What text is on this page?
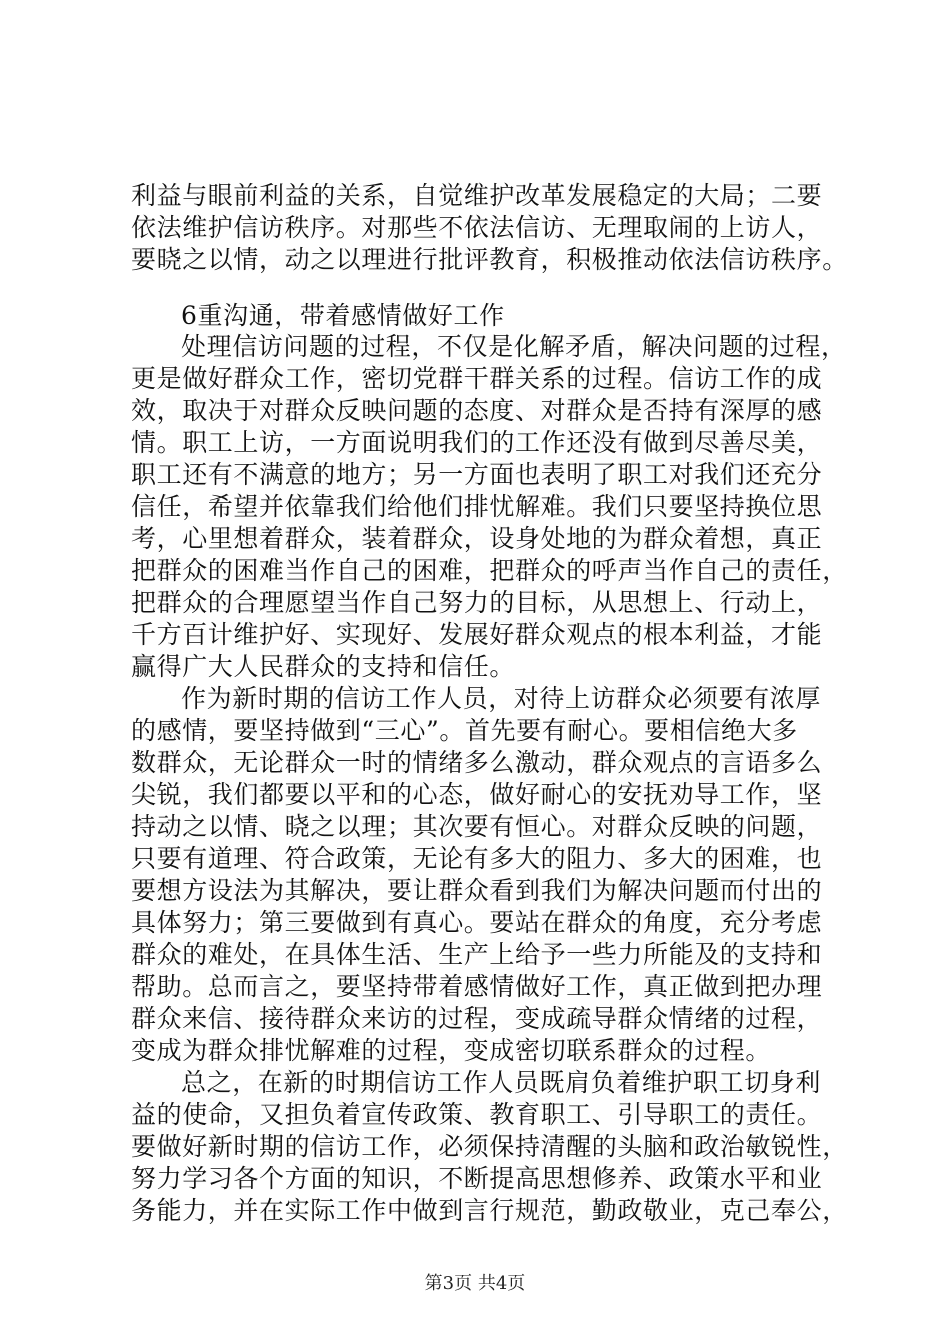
利益与眼前利益的关系，自觉维护改革发展稳定的大局；二要
依法维护信访秩序。对那些不依法信访、无理取闹的上访人，
要晓之以情，动之以理进行批评教育，积极推动依法信访秩序。
6重沟通，带着感情做好工作
处理信访问题的过程，不仅是化解矛盾，解决问题的过程，
更是做好群众工作，密切党群干群关系的过程。信访工作的成
效，取决于对群众反映问题的态度、对群众是否持有深厚的感
情。职工上访，一方面说明我们的工作还没有做到尽善尽美，
职工还有不满意的地方；另一方面也表明了职工对我们还充分
信任，希望并依靠我们给他们排忧解难。我们只要坚持换位思
考，心里想着群众，装着群众，设身处地的为群众着想，真正
把群众的困难当作自己的困难，把群众的呼声当作自己的责任，
把群众的合理愿望当作自己努力的目标，从思想上、行动上，
千方百计维护好、实现好、发展好群众观点的根本利益，才能
赢得广大人民群众的支持和信任。
作为新时期的信访工作人员，对待上访群众必须要有浓厚
的感情，要坚持做到“三心”。首先要有耐心。要相信绝大多
数群众，无论群众一时的情绪多么激动，群众观点的言语多么
尖锐，我们都要以平和的心态，做好耐心的安抚劝导工作，坚
持动之以情、晓之以理；其次要有恒心。对群众反映的问题，
只要有道理、符合政策，无论有多大的阻力、多大的困难，也
要想方设法为其解决，要让群众看到我们为解决问题而付出的
具体努力；第三要做到有真心。要站在群众的角度，充分考虑
群众的难处，在具体生活、生产上给予一些力所能及的支持和
帮助。总而言之，要坚持带着感情做好工作，真正做到把办理
群众来信、接待群众来访的过程，变成疏导群众情绪的过程，
变成为群众排忧解难的过程，变成密切联系群众的过程。
总之，在新的时期信访工作人员既肩负着维护职工切身利
益的使命，又担负着宣传政策、教育职工、引导职工的责任。
要做好新时期的信访工作，必须保持清醒的头脑和政治敏锐性，
努力学习各个方面的知识，不断提高思想修养、政策水平和业
务能力，并在实际工作中做到言行规范，勤政敬业，克己奉公，
第3页 共4页
